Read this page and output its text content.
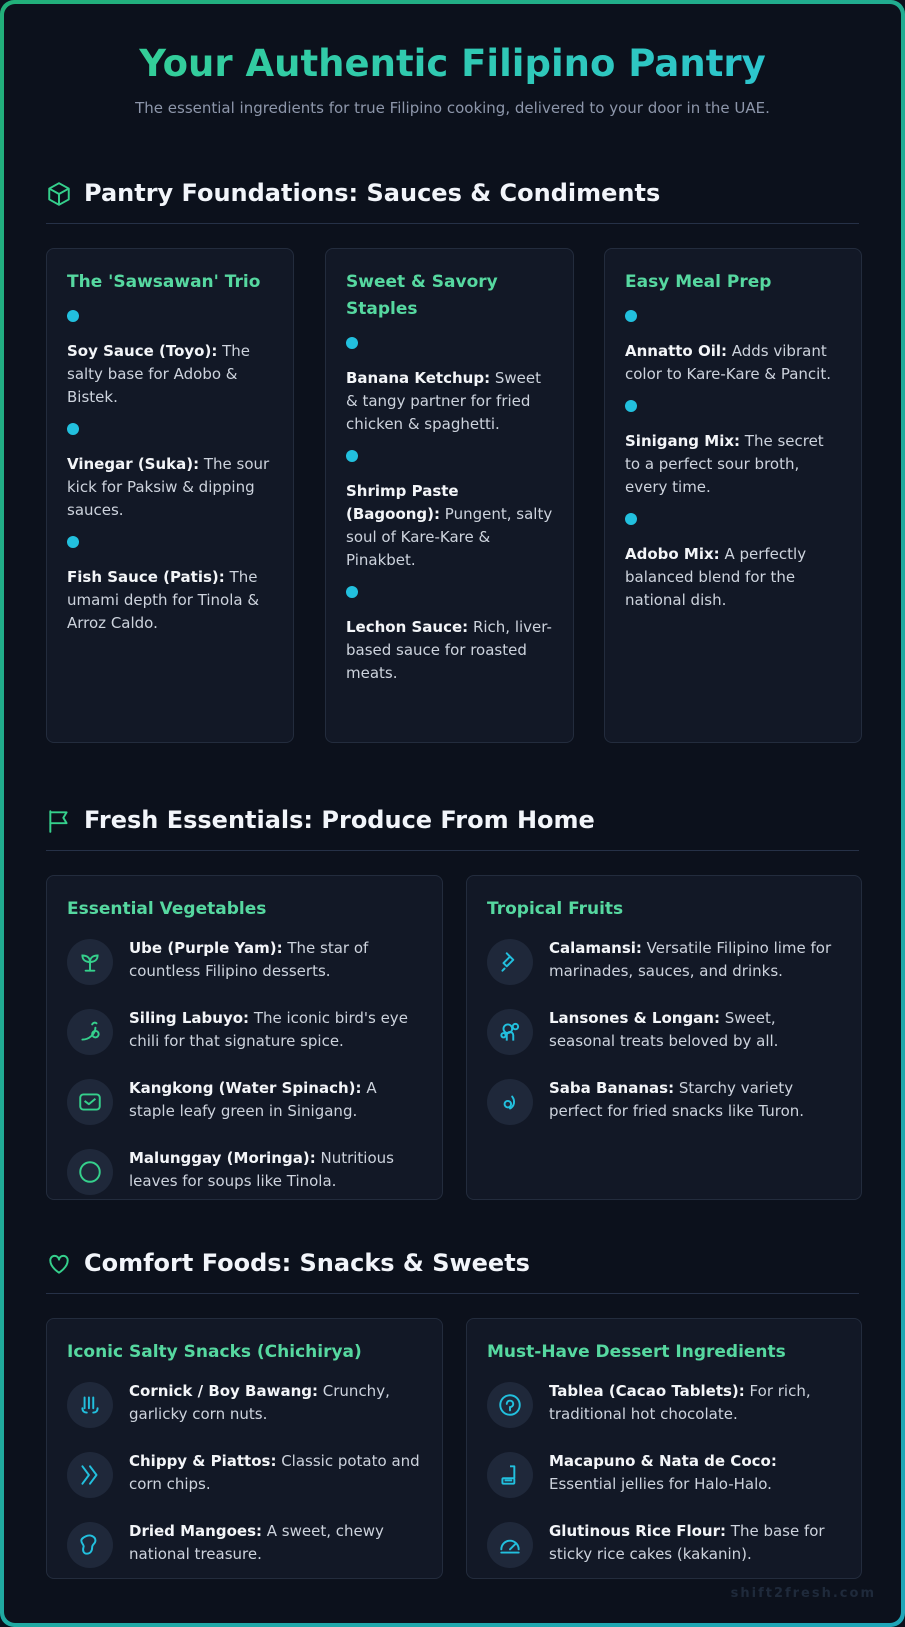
Your Authentic Filipino Pantry

The essential ingredients for true Filipino cooking, delivered to your door in the UAE.

Pantry Foundations: Sauces & Condiments
The 'Sawsawan' Trio

Soy Sauce (Toyo): The salty base for Adobo & Bistek.

Vinegar (Suka): The sour kick for Paksiw & dipping sauces.

Fish Sauce (Patis): The umami depth for Tinola & Arroz Caldo.

Sweet & Savory Staples

Banana Ketchup: Sweet & tangy partner for fried chicken & spaghetti.

Shrimp Paste (Bagoong): Pungent, salty soul of Kare-Kare & Pinakbet.

Lechon Sauce: Rich, liver-based sauce for roasted meats.

Easy Meal Prep

Annatto Oil: Adds vibrant color to Kare-Kare & Pancit.

Sinigang Mix: The secret to a perfect sour broth, every time.

Adobo Mix: A perfectly balanced blend for the national dish.

Fresh Essentials: Produce From Home
Essential Vegetables

Ube (Purple Yam): The star of countless Filipino desserts.

Siling Labuyo: The iconic bird's eye chili for that signature spice.

Kangkong (Water Spinach): A staple leafy green in Sinigang.

Malunggay (Moringa): Nutritious leaves for soups like Tinola.

Tropical Fruits

Calamansi: Versatile Filipino lime for marinades, sauces, and drinks.

Lansones & Longan: Sweet, seasonal treats beloved by all.

Saba Bananas: Starchy variety perfect for fried snacks like Turon.

Comfort Foods: Snacks & Sweets
Iconic Salty Snacks (Chichirya)

Cornick / Boy Bawang: Crunchy, garlicky corn nuts.

Chippy & Piattos: Classic potato and corn chips.

Dried Mangoes: A sweet, chewy national treasure.

Must-Have Dessert Ingredients

Tablea (Cacao Tablets): For rich, traditional hot chocolate.

Macapuno & Nata de Coco: Essential jellies for Halo-Halo.

Glutinous Rice Flour: The base for sticky rice cakes (kakanin).

shift2fresh.com
